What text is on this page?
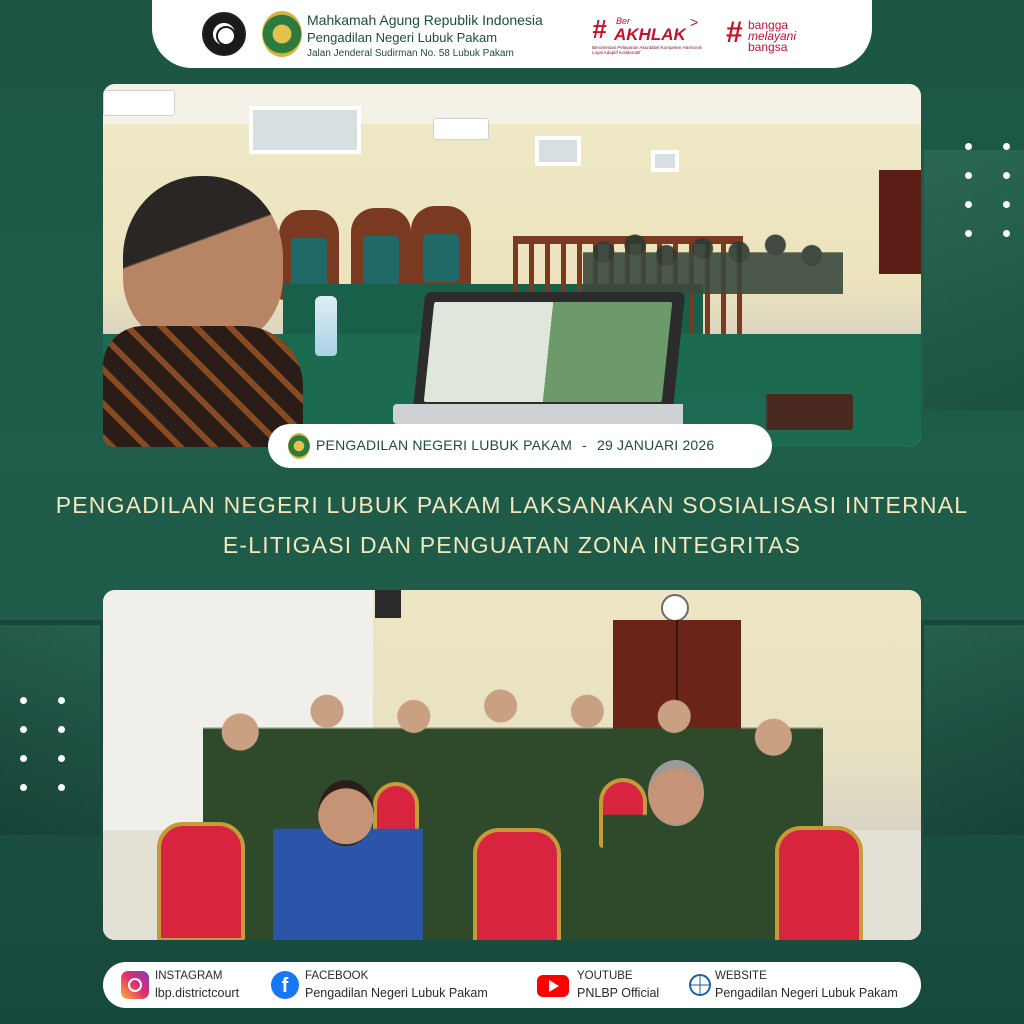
Mahkamah Agung Republik Indonesia
Pengadilan Negeri Lubuk Pakam
Jalan Jenderal Sudirman No. 58 Lubuk Pakam
# Ber
AKHLAK
>
Berorientasi Pelayanan Akuntabel Kompeten Harmonis Loyal Adaptif Kolaboratif
# bangga
melayani
bangsa
PENGADILAN NEGERI LUBUK PAKAM - 29 JANUARI 2026
PENGADILAN NEGERI LUBUK PAKAM LAKSANAKAN SOSIALISASI INTERNAL
E-LITIGASI DAN PENGUATAN ZONA INTEGRITAS
INSTAGRAM
lbp.districtcourt	f	FACEBOOK
Pengadilan Negeri Lubuk Pakam
YOUTUBE
PNLBP Official
WEBSITE
Pengadilan Negeri Lubuk Pakam
